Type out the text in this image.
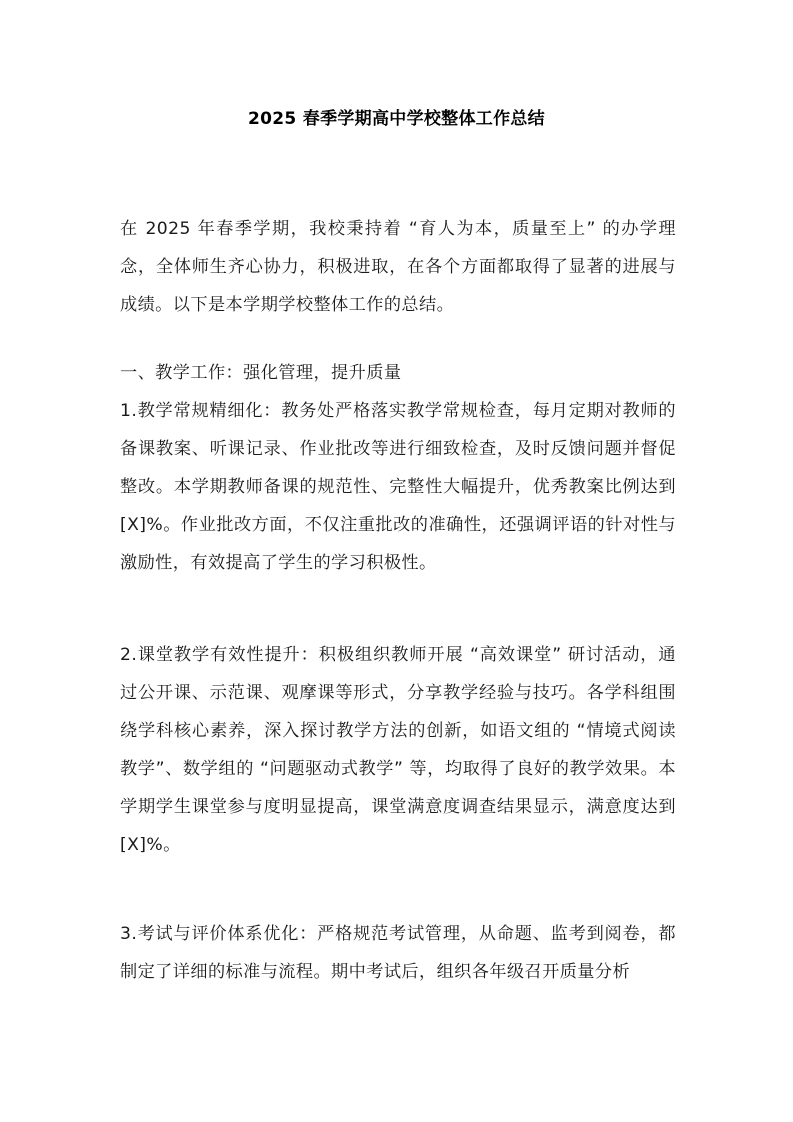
2025 春季学期高中学校整体工作总结

在 2025 年春季学期，我校秉持着 “育人为本，质量至上” 的办学理念，全体师生齐心协力，积极进取，在各个方面都取得了显著的进展与成绩。以下是本学期学校整体工作的总结。

一、教学工作：强化管理，提升质量

1.教学常规精细化：教务处严格落实教学常规检查，每月定期对教师的备课教案、听课记录、作业批改等进行细致检查，及时反馈问题并督促整改。本学期教师备课的规范性、完整性大幅提升，优秀教案比例达到 [X]%。作业批改方面，不仅注重批改的准确性，还强调评语的针对性与激励性，有效提高了学生的学习积极性。

2.课堂教学有效性提升：积极组织教师开展 “高效课堂” 研讨活动，通过公开课、示范课、观摩课等形式，分享教学经验与技巧。各学科组围绕学科核心素养，深入探讨教学方法的创新，如语文组的 “情境式阅读教学”、数学组的 “问题驱动式教学” 等，均取得了良好的教学效果。本学期学生课堂参与度明显提高，课堂满意度调查结果显示，满意度达到 [X]%。

3.考试与评价体系优化：严格规范考试管理，从命题、监考到阅卷，都制定了详细的标准与流程。期中考试后，组织各年级召开质量分析
